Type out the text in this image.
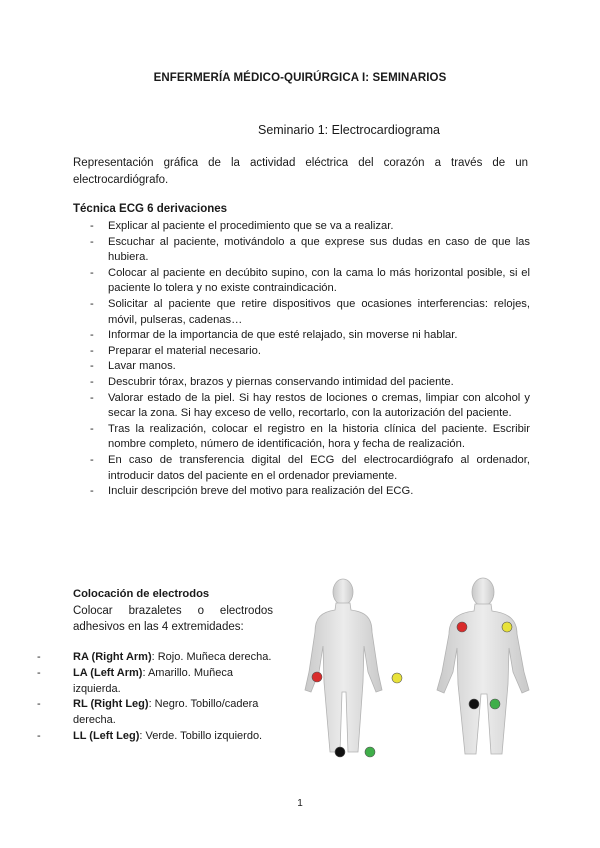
ENFERMERÍA MÉDICO-QUIRÚRGICA I: SEMINARIOS
Seminario 1: Electrocardiograma
Representación gráfica de la actividad eléctrica del corazón a través de un electrocardiógrafo.
Técnica ECG 6 derivaciones
- Explicar al paciente el procedimiento que se va a realizar.
- Escuchar al paciente, motivándolo a que exprese sus dudas en caso de que las hubiera.
- Colocar al paciente en decúbito supino, con la cama lo más horizontal posible, si el paciente lo tolera y no existe contraindicación.
- Solicitar al paciente que retire dispositivos que ocasiones interferencias: relojes, móvil, pulseras, cadenas…
- Informar de la importancia de que esté relajado, sin moverse ni hablar.
- Preparar el material necesario.
- Lavar manos.
- Descubrir tórax, brazos y piernas conservando intimidad del paciente.
- Valorar estado de la piel. Si hay restos de lociones o cremas, limpiar con alcohol y secar la zona. Si hay exceso de vello, recortarlo, con la autorización del paciente.
- Tras la realización, colocar el registro en la historia clínica del paciente. Escribir nombre completo, número de identificación, hora y fecha de realización.
- En caso de transferencia digital del ECG del electrocardiógrafo al ordenador, introducir datos del paciente en el ordenador previamente.
- Incluir descripción breve del motivo para realización del ECG.
Colocación de electrodos
Colocar brazaletes o electrodos adhesivos en las 4 extremidades:
-	RA (Right Arm): Rojo. Muñeca derecha.
-	LA (Left Arm): Amarillo. Muñeca izquierda.
-	RL (Right Leg): Negro. Tobillo/cadera derecha.
-	LL (Left Leg): Verde. Tobillo izquierdo.
1
